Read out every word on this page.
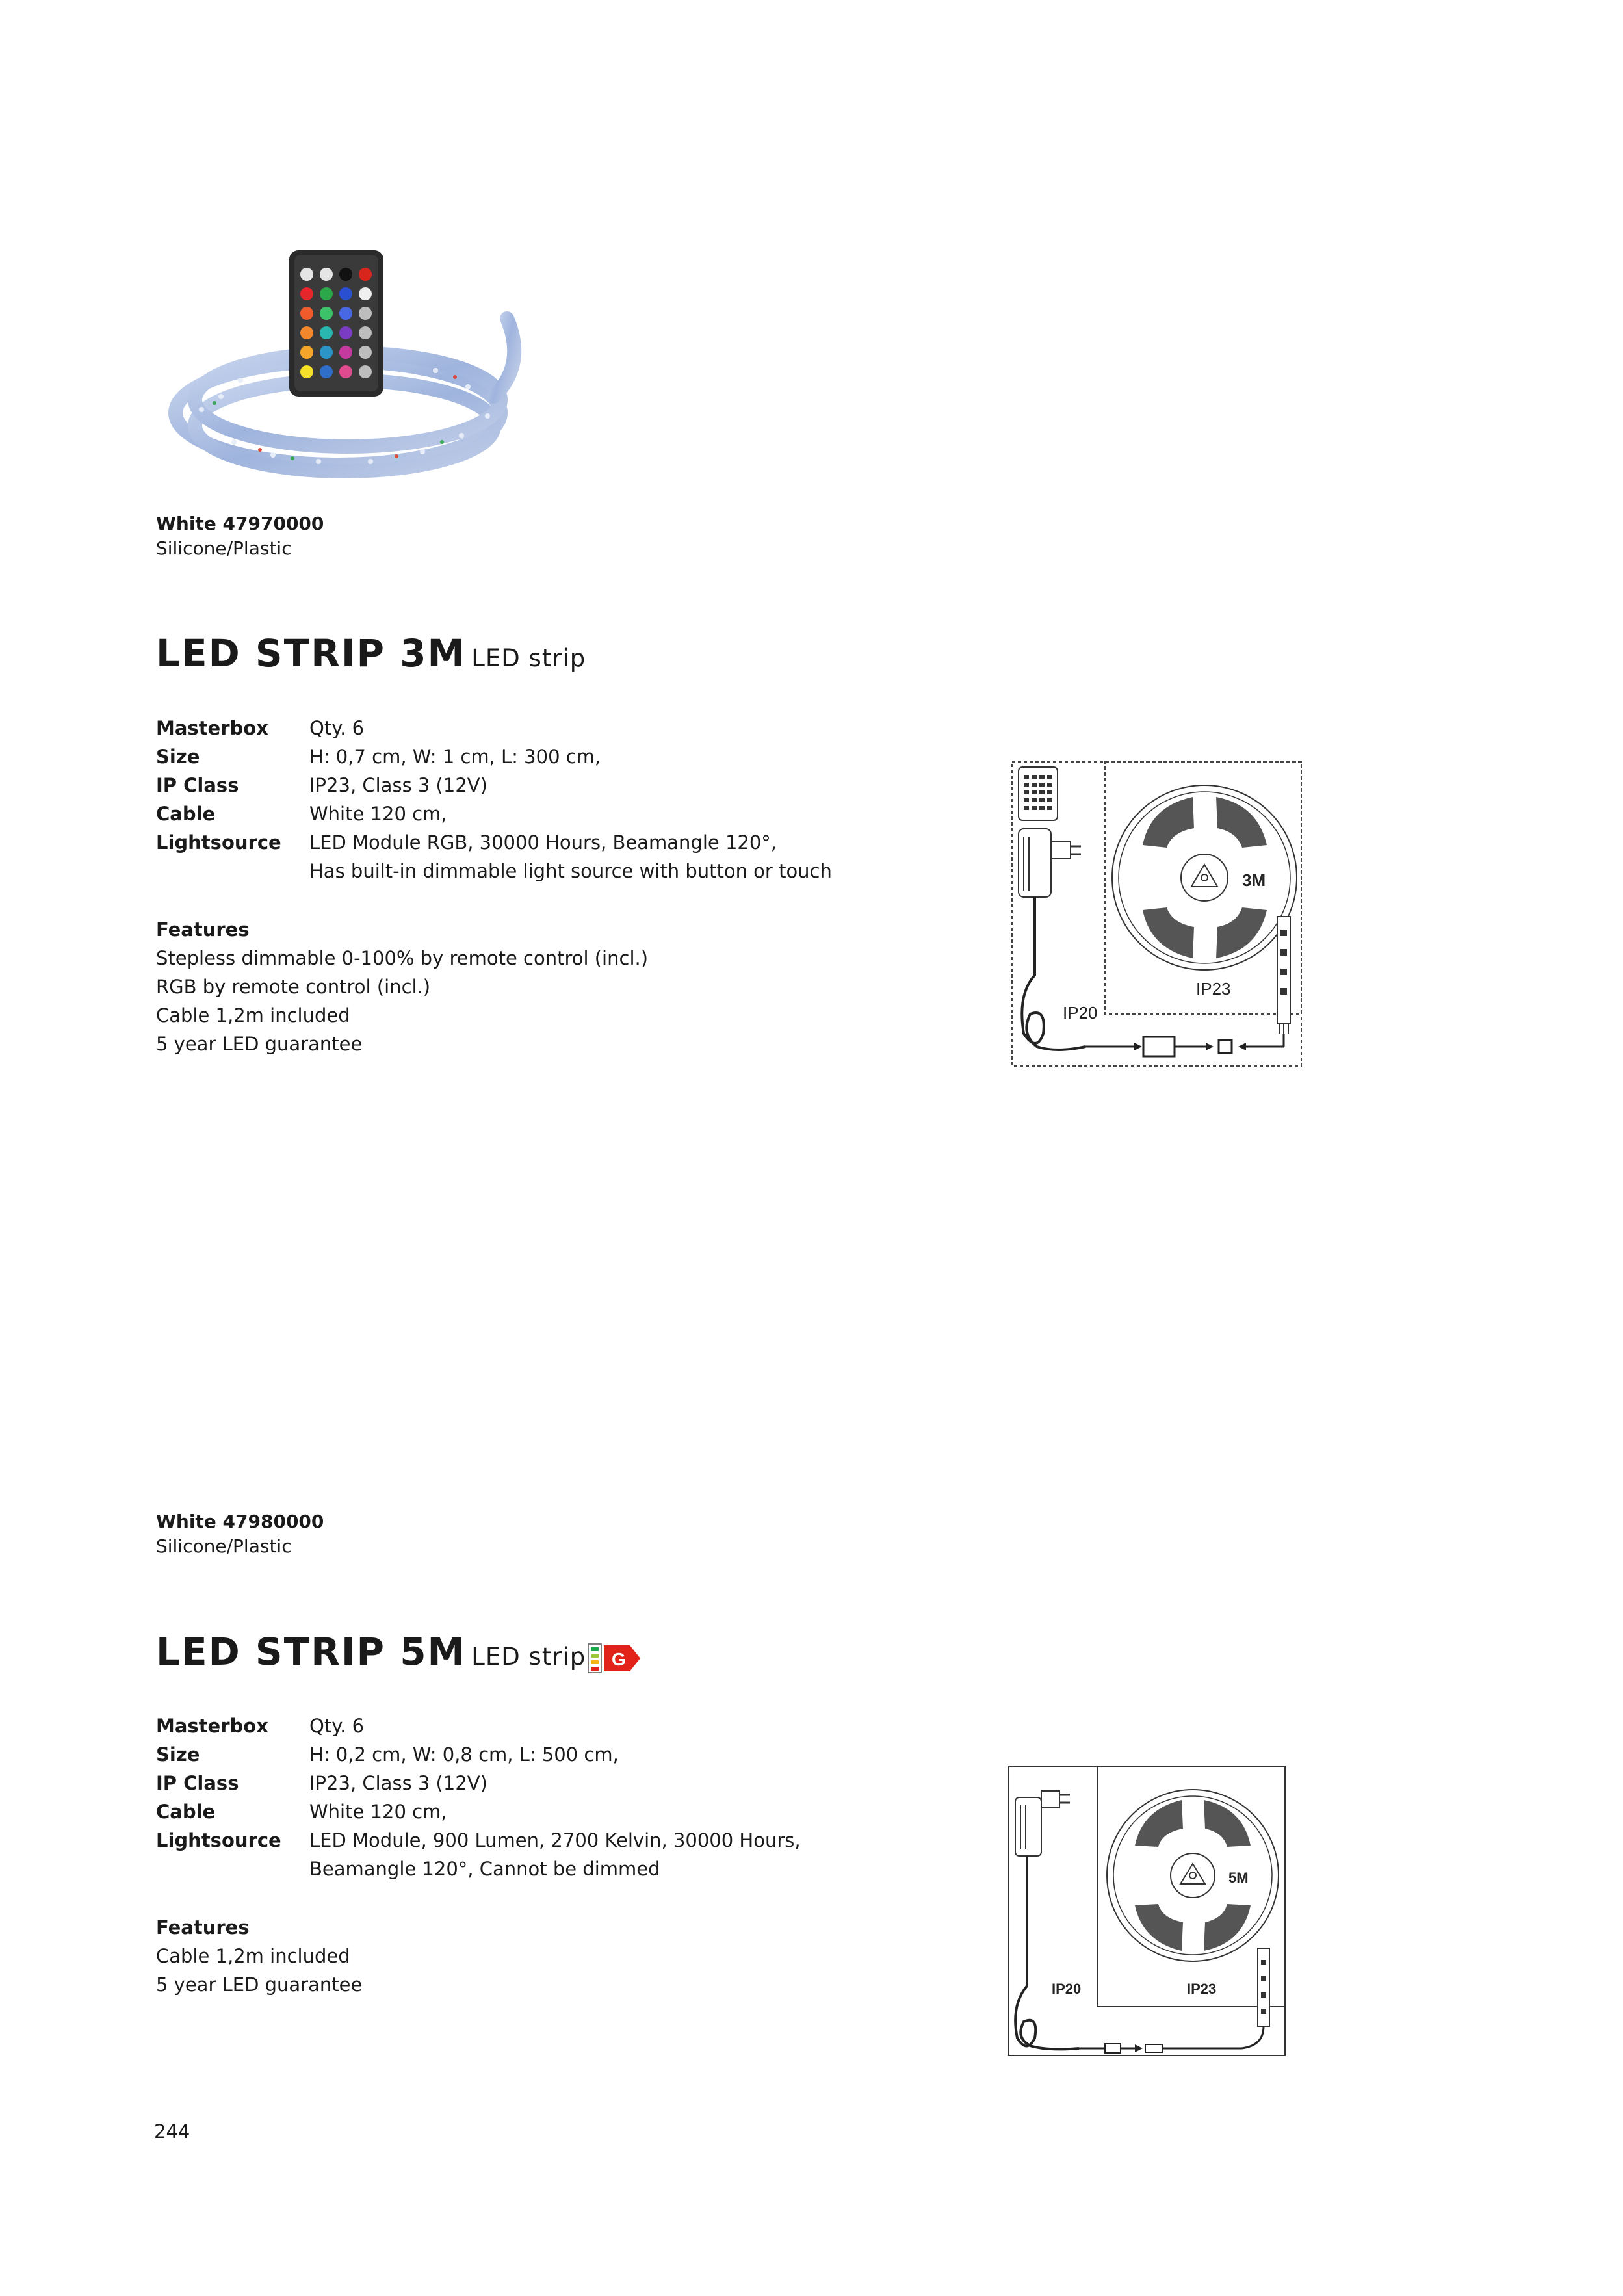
White 47970000
Silicone/Plastic
LED STRIP 3M LED strip
Masterbox Qty. 6
Size	H: 0,7 cm, W: 1 cm, L: 300 cm,
IP Class	IP23, Class 3 (12V)
Cable	White 120 cm,
Lightsource LED Module RGB, 30000 Hours, Beamangle 120°,
Has built-in dimmable light source with button or touch
Features
Stepless dimmable 0-100% by remote control (incl.)
RGB by remote control (incl.)
Cable 1,2m included
5 year LED guarantee
3M
IP23
IP20
White 47980000
Silicone/Plastic
LED STRIP 5M LED strip	A G
G
Masterbox Qty. 6
Size	H: 0,2 cm, W: 0,8 cm, L: 500 cm,
IP Class	IP23, Class 3 (12V)
Cable	White 120 cm,
Lightsource LED Module, 900 Lumen, 2700 Kelvin, 30000 Hours,
Beamangle 120°, Cannot be dimmed
Features
Cable 1,2m included
5 year LED guarantee
5M
IP23
IP20
244
